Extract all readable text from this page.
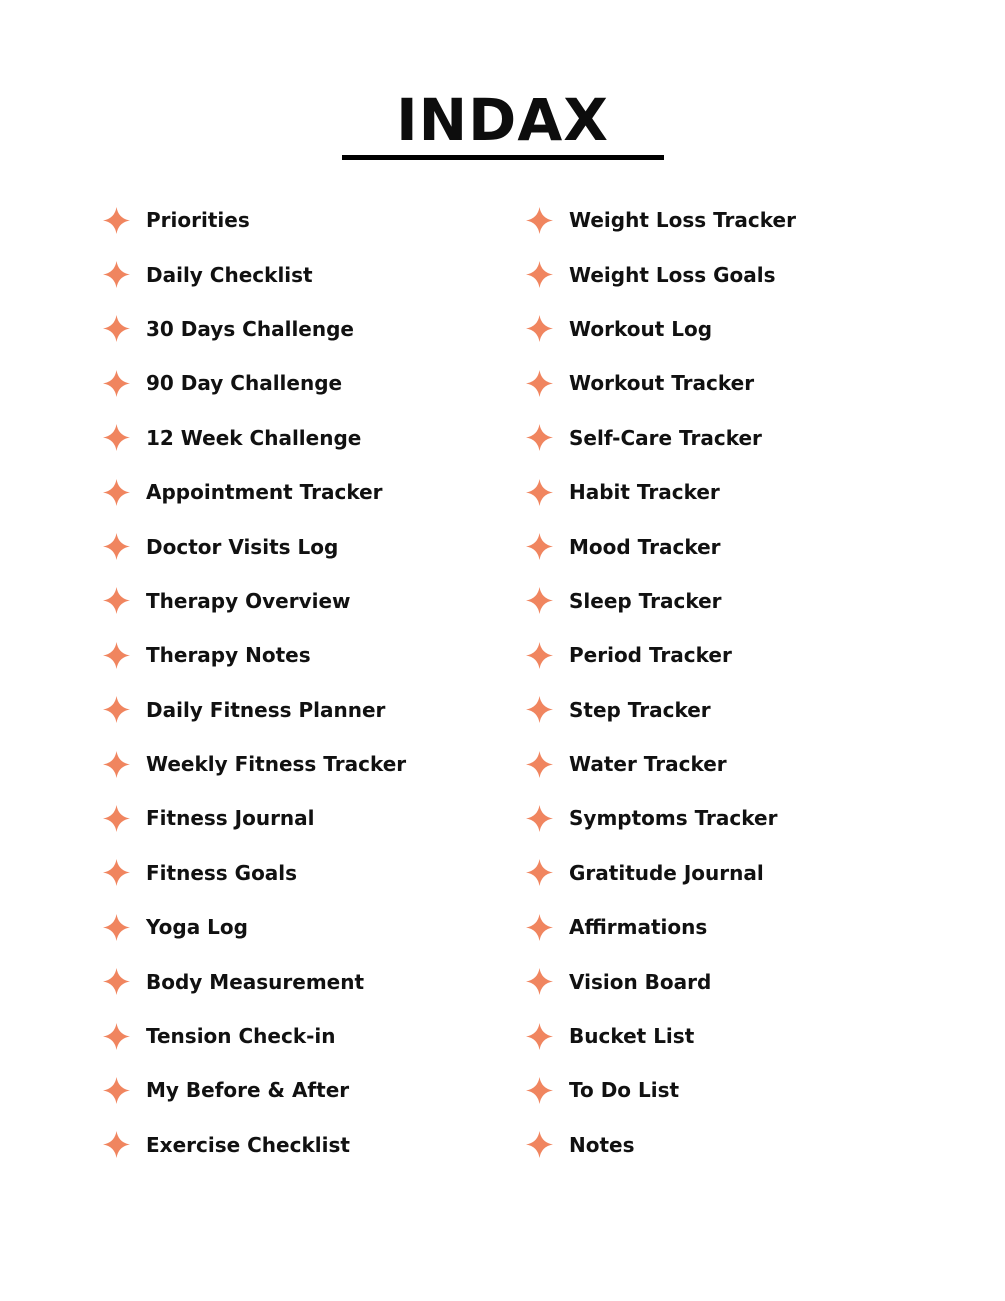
INDAX
Priorities
Daily Checklist
30 Days Challenge
90 Day Challenge
12 Week Challenge
Appointment Tracker
Doctor Visits Log
Therapy Overview
Therapy Notes
Daily Fitness Planner
Weekly Fitness Tracker
Fitness Journal
Fitness Goals
Yoga Log
Body Measurement
Tension Check-in
My Before & After
Exercise Checklist
Weight Loss Tracker
Weight Loss Goals
Workout Log
Workout Tracker
Self-Care Tracker
Habit Tracker
Mood Tracker
Sleep Tracker
Period Tracker
Step Tracker
Water Tracker
Symptoms Tracker
Gratitude Journal
Affirmations
Vision Board
Bucket List
To Do List
Notes
